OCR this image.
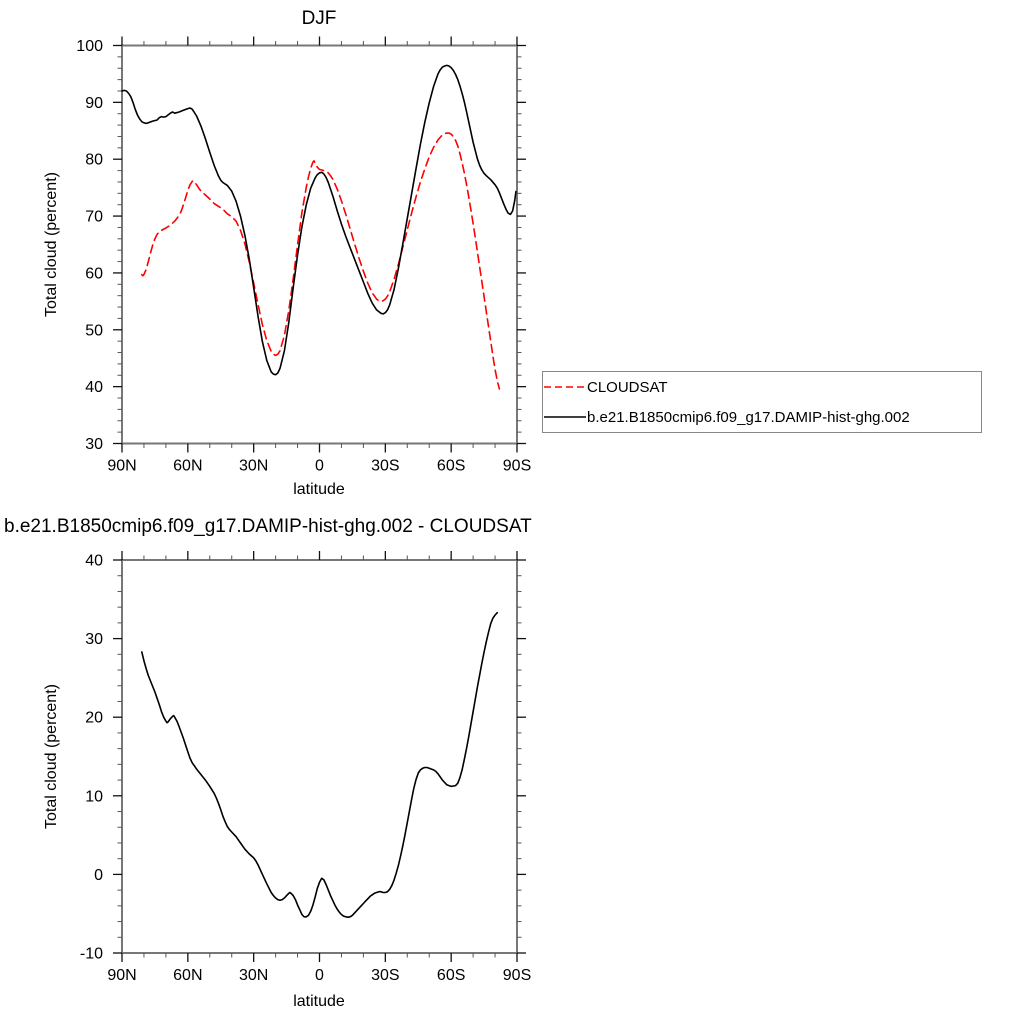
DJF
90N 60N 30N	0	30S 60S 90S
100
90
80
70
60
50
40
30
latitude
Total cloud (percent)
b.e21.B1850cmip6.f09_g17.DAMIP-hist-ghg.002 - CLOUDSAT
90N 60N 30N	0	30S 60S 90S
40
30
20
10
0
-10
latitude
Total cloud (percent)
CLOUDSAT
b.e21.B1850cmip6.f09_g17.DAMIP-hist-ghg.002
